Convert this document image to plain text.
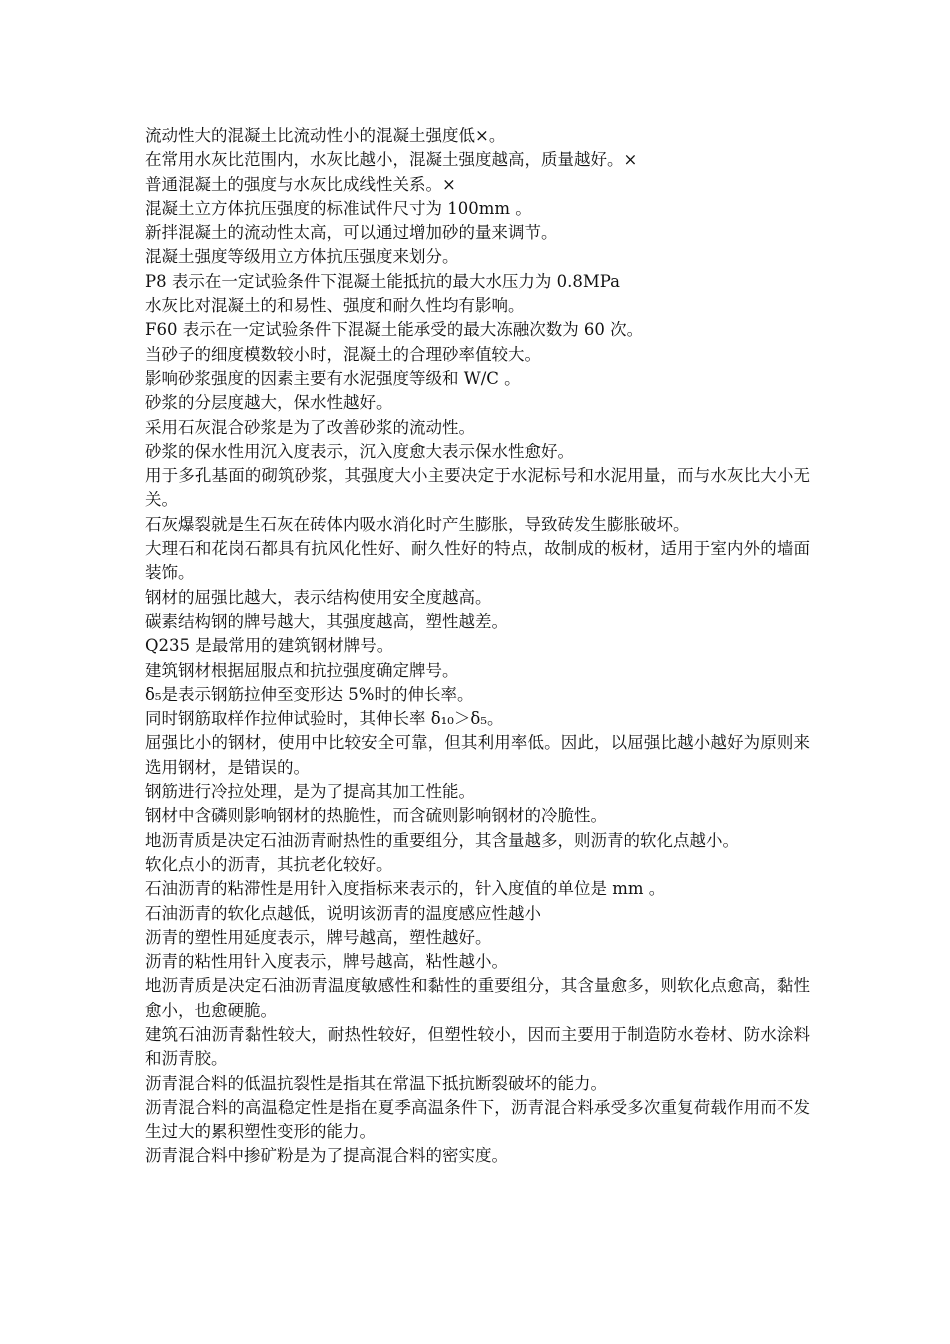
流动性大的混凝土比流动性小的混凝土强度低×。

在常用水灰比范围内，水灰比越小，混凝土强度越高，质量越好。×

普通混凝土的强度与水灰比成线性关系。×

混凝土立方体抗压强度的标准试件尺寸为 100mm 。

新拌混凝土的流动性太高，可以通过增加砂的量来调节。

混凝土强度等级用立方体抗压强度来划分。

P8 表示在一定试验条件下混凝土能抵抗的最大水压力为 0.8MPa

水灰比对混凝土的和易性、强度和耐久性均有影响。

F60 表示在一定试验条件下混凝土能承受的最大冻融次数为 60 次。

当砂子的细度模数较小时，混凝土的合理砂率值较大。

影响砂浆强度的因素主要有水泥强度等级和 W/C 。

砂浆的分层度越大，保水性越好。

采用石灰混合砂浆是为了改善砂浆的流动性。

砂浆的保水性用沉入度表示，沉入度愈大表示保水性愈好。

用于多孔基面的砌筑砂浆，其强度大小主要决定于水泥标号和水泥用量，而与水灰比大小无关。

石灰爆裂就是生石灰在砖体内吸水消化时产生膨胀，导致砖发生膨胀破坏。

大理石和花岗石都具有抗风化性好、耐久性好的特点，故制成的板材，适用于室内外的墙面装饰。

钢材的屈强比越大，表示结构使用安全度越高。

碳素结构钢的牌号越大，其强度越高，塑性越差。

Q235 是最常用的建筑钢材牌号。

建筑钢材根据屈服点和抗拉强度确定牌号。

δ₅是表示钢筋拉伸至变形达 5%时的伸长率。

同时钢筋取样作拉伸试验时，其伸长率 δ₁₀＞δ₅。

屈强比小的钢材，使用中比较安全可靠，但其利用率低。因此，以屈强比越小越好为原则来选用钢材，是错误的。

钢筋进行冷拉处理，是为了提高其加工性能。

钢材中含磷则影响钢材的热脆性，而含硫则影响钢材的冷脆性。

地沥青质是决定石油沥青耐热性的重要组分，其含量越多，则沥青的软化点越小。

软化点小的沥青，其抗老化较好。

石油沥青的粘滞性是用针入度指标来表示的，针入度值的单位是 mm 。

石油沥青的软化点越低，说明该沥青的温度感应性越小

沥青的塑性用延度表示，牌号越高，塑性越好。

沥青的粘性用针入度表示，牌号越高，粘性越小。

地沥青质是决定石油沥青温度敏感性和黏性的重要组分，其含量愈多，则软化点愈高，黏性愈小，也愈硬脆。

建筑石油沥青黏性较大，耐热性较好，但塑性较小，因而主要用于制造防水卷材、防水涂料和沥青胶。

沥青混合料的低温抗裂性是指其在常温下抵抗断裂破坏的能力。

沥青混合料的高温稳定性是指在夏季高温条件下，沥青混合料承受多次重复荷载作用而不发生过大的累积塑性变形的能力。

沥青混合料中掺矿粉是为了提高混合料的密实度。
